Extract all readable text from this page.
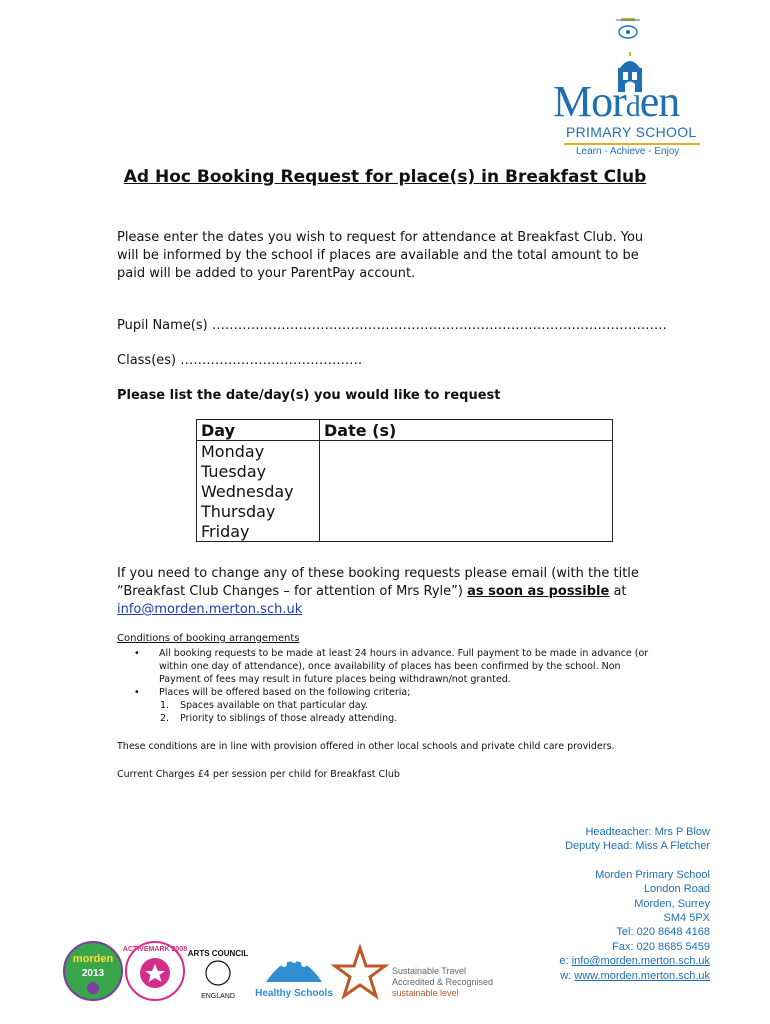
Morden
PRIMARY SCHOOL
Learn - Achieve - Enjoy
Ad Hoc Booking Request for place(s) in Breakfast Club
Please enter the dates you wish to request for attendance at Breakfast Club. You will be informed by the school if places are available and the total amount to be paid will be added to your ParentPay account.
Pupil Name(s) ……………………………………………………………………………………………
Class(es) ……………………………………
Please list the date/day(s) you would like to request
Day	Date (s)
Monday	
Tuesday	
Wednesday	
Thursday	
Friday	
If you need to change any of these booking requests please email (with the title “Breakfast Club Changes – for attention of Mrs Ryle”) as soon as possible at
info@morden.merton.sch.uk
Conditions of booking arrangements
• All booking requests to be made at least 24 hours in advance. Full payment to be made in advance (or within one day of attendance), once availability of places has been confirmed by the school. Non Payment of fees may result in future places being withdrawn/not granted.
• Places will be offered based on the following criteria;
1. Spaces available on that particular day.
2. Priority to siblings of those already attending.
These conditions are in line with provision offered in other local schools and private child care providers.
Current Charges £4 per session per child for Breakfast Club
Headteacher: Mrs P Blow
Deputy Head: Miss A Fletcher
Morden Primary School
London Road
Morden, Surrey
SM4 5PX
Tel: 020 8648 4168
Fax: 020 8685 5459
e: info@morden.merton.sch.uk
w: www.morden.merton.sch.uk
morden
2013
ACTIVEMARK 2008 ARTS COUNCIL
ENGLAND Healthy Schools
Sustainable Travel
Accredited & Recognised
sustainable level
